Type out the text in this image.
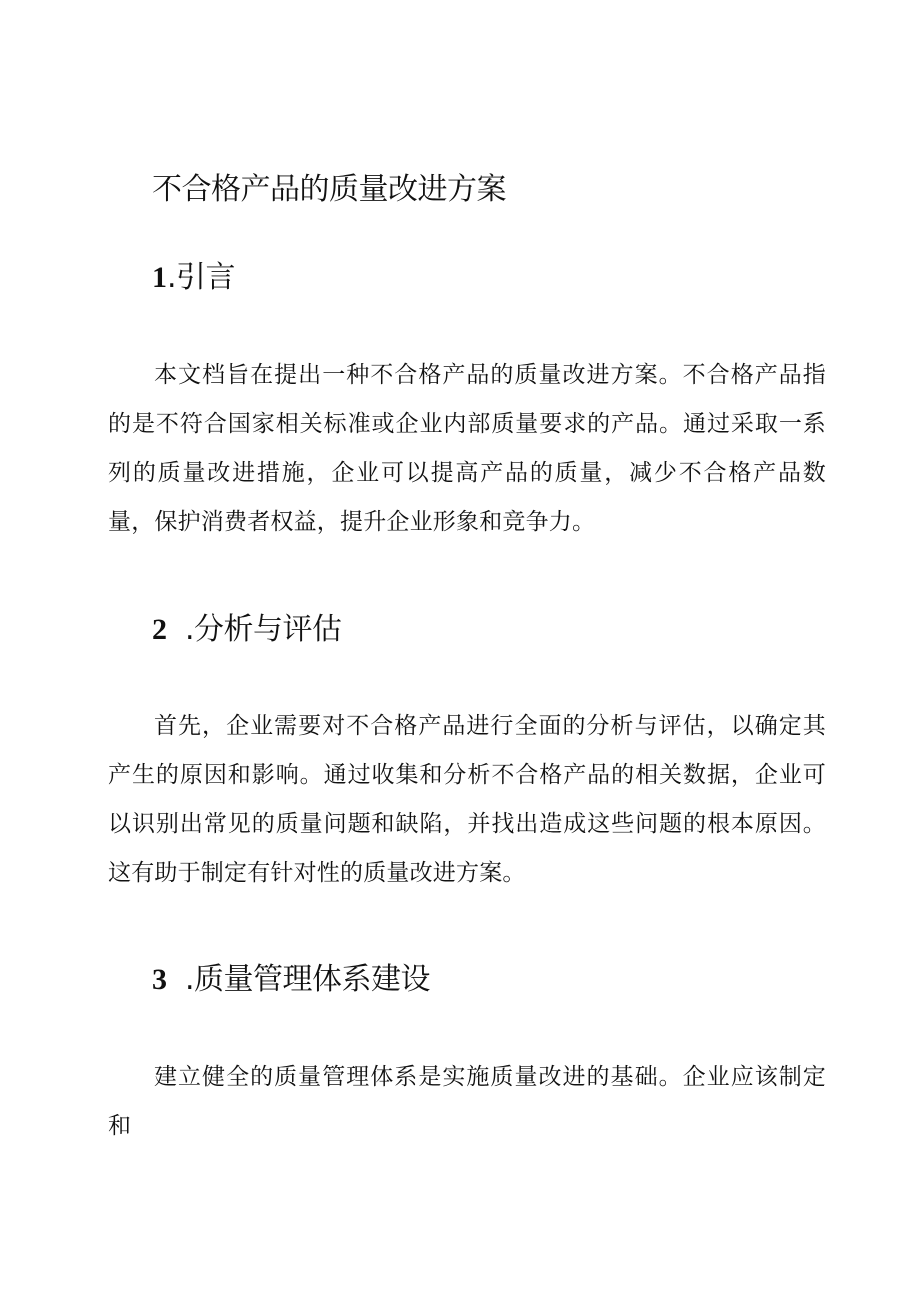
不合格产品的质量改进方案
1.引言

本文档旨在提出一种不合格产品的质量改进方案。不合格产品指的是不符合国家相关标准或企业内部质量要求的产品。通过采取一系列的质量改进措施，企业可以提高产品的质量，减少不合格产品数量，保护消费者权益，提升企业形象和竞争力。

2 .分析与评估

首先，企业需要对不合格产品进行全面的分析与评估，以确定其产生的原因和影响。通过收集和分析不合格产品的相关数据，企业可以识别出常见的质量问题和缺陷，并找出造成这些问题的根本原因。这有助于制定有针对性的质量改进方案。

3 .质量管理体系建设

建立健全的质量管理体系是实施质量改进的基础。企业应该制定和
